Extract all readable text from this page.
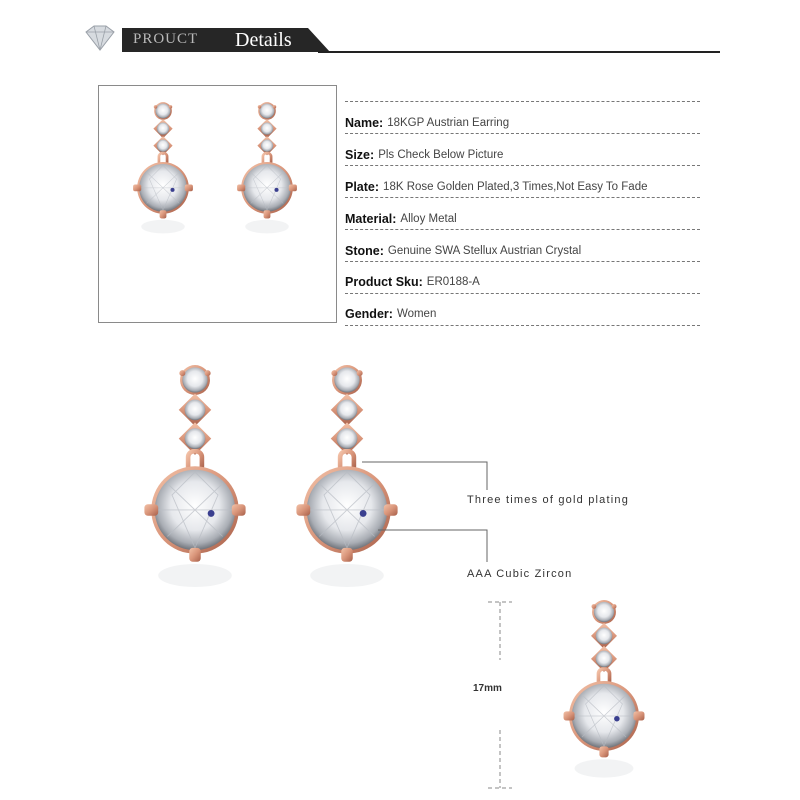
PROUCT Details
Name: 18KGP Austrian Earring
Size: Pls Check Below Picture
Plate: 18K Rose Golden Plated,3 Times,Not Easy To Fade
Material: Alloy Metal
Stone: Genuine SWA Stellux Austrian Crystal
Product Sku: ER0188-A
Gender: Women
Three times of gold plating
AAA Cubic Zircon
17mm
